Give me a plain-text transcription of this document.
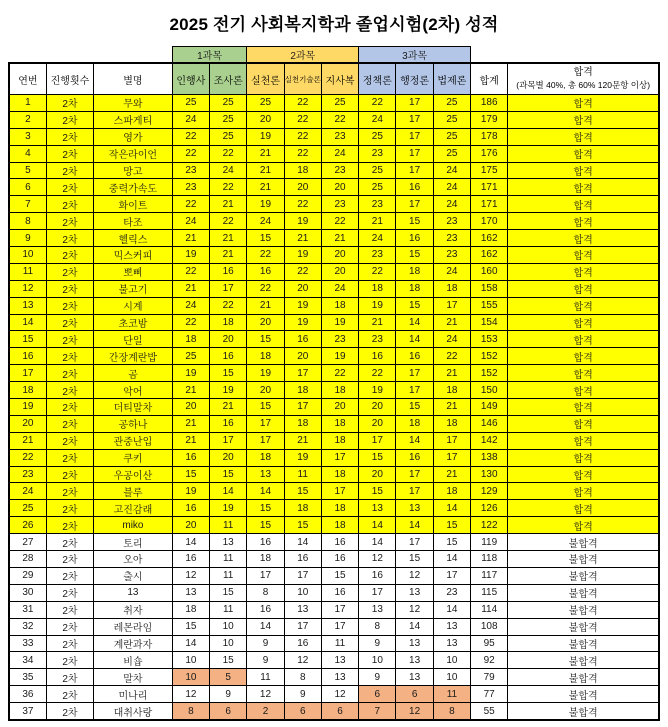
2025 전기 사회복지학과 졸업시험(2차) 성적
			1과목		2과목			3과목				
연번	진행횟수	별명	인행사	조사론	실천론	실천기술론	지사복	정책론	행정론	법제론	합계	합격
(과목별 40%, 총 60% 120문항 이상)

1	2차	무와	25	25	25	22	25	22	17	25	186	합격
2	2차	스파게티	24	25	20	22	22	24	17	25	179	합격
3	2차	영가	22	25	19	22	23	25	17	25	178	합격
4	2차	작은라이언	22	22	21	22	24	23	17	25	176	합격
5	2차	망고	23	24	21	18	23	25	17	24	175	합격
6	2차	중력가속도	23	22	21	20	20	25	16	24	171	합격
7	2차	화이트	22	21	19	22	23	23	17	24	171	합격
8	2차	타조	24	22	24	19	22	21	15	23	170	합격
9	2차	헬릭스	21	21	15	21	21	24	16	23	162	합격
10	2차	믹스커피	19	21	22	19	20	23	15	23	162	합격
11	2차	뽀삐	22	16	16	22	20	22	18	24	160	합격
12	2차	불고기	21	17	22	20	24	18	18	18	158	합격
13	2차	시계	24	22	21	19	18	19	15	17	155	합격
14	2차	초코밤	22	18	20	19	19	21	14	21	154	합격
15	2차	단일	18	20	15	16	23	23	14	24	153	합격
16	2차	간장계란밥	25	16	18	20	19	16	16	22	152	합격
17	2차	곰	19	15	19	17	22	22	17	21	152	합격
18	2차	악어	21	19	20	18	18	19	17	18	150	합격
19	2차	더티말차	20	21	15	17	20	20	15	21	149	합격
20	2차	공하나	21	16	17	18	18	20	18	18	146	합격
21	2차	관중난입	21	17	17	21	18	17	14	17	142	합격
22	2차	쿠키	16	20	18	19	17	15	16	17	138	합격
23	2차	우공이산	15	15	13	11	18	20	17	21	130	합격
24	2차	블루	19	14	14	15	17	15	17	18	129	합격
25	2차	고진감래	16	19	15	18	18	13	13	14	126	합격
26	2차	miko	20	11	15	15	18	14	14	15	122	합격
27	2차	토리	14	13	16	14	16	14	17	15	119	불합격
28	2차	오아	16	11	18	16	16	12	15	14	118	불합격
29	2차	출시	12	11	17	17	15	16	12	17	117	불합격
30	2차	13	13	15	8	10	16	17	13	23	115	불합격
31	2차	취자	18	11	16	13	17	13	12	14	114	불합격
32	2차	레몬라임	15	10	14	17	17	8	14	13	108	불합격
33	2차	계란과자	14	10	9	16	11	9	13	13	95	불합격
34	2차	비숍	10	15	9	12	13	10	13	10	92	불합격
35	2차	말차	10	5	11	8	13	9	13	10	79	불합격
36	2차	미나리	12	9	12	9	12	6	6	11	77	불합격
37	2차	대취사랑	8	6	2	6	6	7	12	8	55	불합격
